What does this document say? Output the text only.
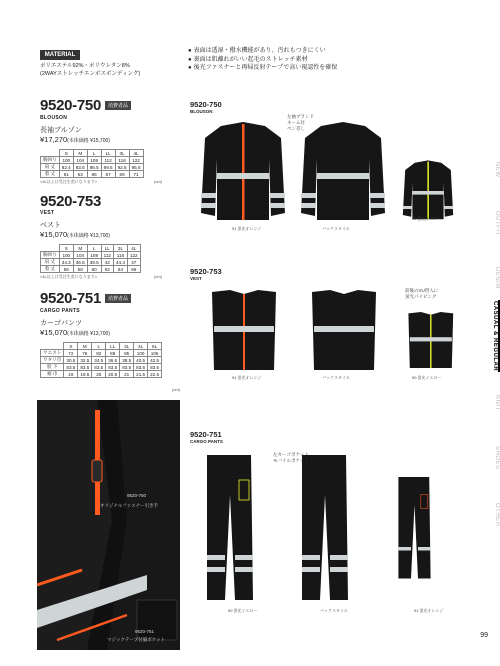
MATERIAL
ポリエステル92%・ポリウレタン8%
(2WAYストレッチエンボスボンディング)
● 表面は透湿・撥水機能があり、汚れもつきにくい
● 裏面は肌離れがいい起毛のストレッチ素材
● 後光ファスナーと再帰反射テープで高い視認性を確保
9520-750 消費者品
BLOUSON
長袖ブルゾン
¥17,270(本体価格 ¥15,700)
	S	M	L	LL	3L	4L
胸回り	100	104	108	112	116	122
肩 丈	82.4	83.6	86.5	89.5	92.5	95.6
着 丈	61	63	65	67	69	71
<4L以上は受注生産になります>	(cm)
9520-753
VEST
ベスト
¥15,070(本体価格 ¥13,700)
	S	M	L	LL	3L	4L
胸回り	100	104	108	112	116	122
肩 丈	34.3	36.5	39.5	42	44.4	47
着 丈	56	58	60	62	64	66
<4L以上は受注生産になります>	(cm)
9520-751 消費者品
CARGO PANTS
カーゴパンツ
¥15,070(本体価格 ¥13,700)
	S	M	L	LL	3L	4L	5L
ウエスト	72	76	82	88	95	100	105
ワタリ巾	30.5	32.5	34.5	36.5	38.5	40.5	42.5
股 下	83.5	83.5	83.5	83.5	83.5	83.5	83.5
裾 巾	19	19.5	20	20.5	21	21.5	22.5
(cm)
9520-750
オリジナルファスナー引き手
9520-751
マジックテープ付脇ポケット
9520-750
BLOUSON
左袖ブランド
ネーム付
ペン差し
91 蛍光オレンジ	バックスタイル
90 蛍光イエロー
9520-753
VEST
前後のVU帯入に
蛍光パイピング
91 蛍光オレンジ	バックスタイル	90 蛍光イエロー
9520-751
CARGO PANTS
左カーゴポケット
モバイルポケット
90 蛍光イエロー	バックスタイル	91 蛍光オレンジ
NEW
OUTFIT
DENIM
CASUAL & REGULAR
KNIT
SHOES
OTHER
99
